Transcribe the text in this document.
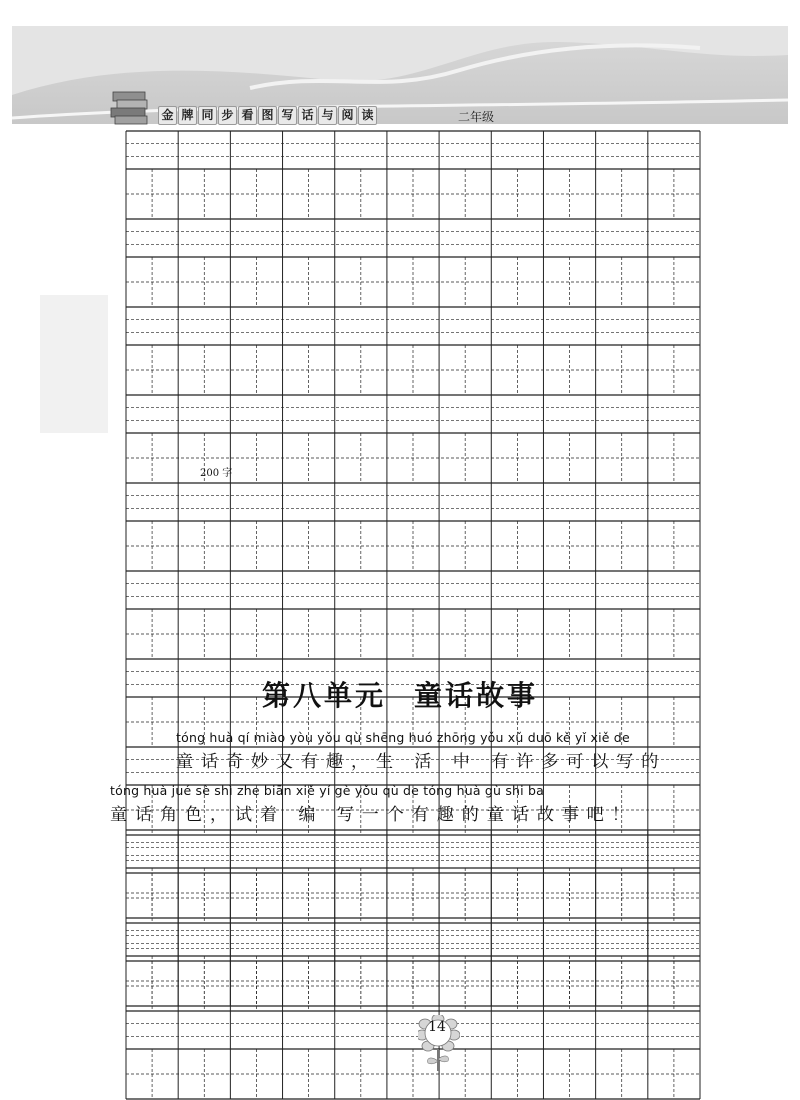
金 牌 同 步 看 图 写 话 与 阅 读	二年级
200 字
第八单元 童话故事
tóng huà qí miào yòu yǒu qù shēng huó zhōng yǒu xǔ duō kě yǐ xiě de
童话奇妙又有趣，生 活 中 有许多可以写的
tóng huà jué sè shì zhe biān xiě yí gè yǒu qù de tóng huà gù shi ba
童话角色，试着 编 写一个有趣的童话故事吧！
14
